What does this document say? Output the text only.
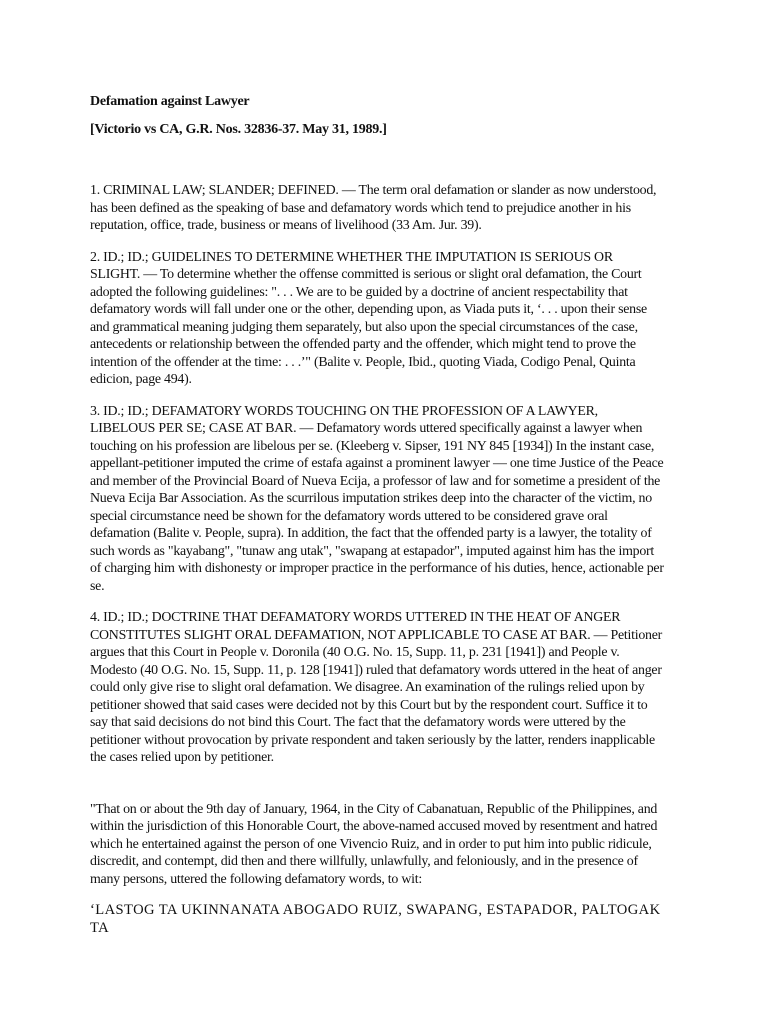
Defamation against Lawyer

[Victorio vs CA, G.R. Nos. 32836-37. May 31, 1989.]

1. CRIMINAL LAW; SLANDER; DEFINED. — The term oral defamation or slander as now understood, has been defined as the speaking of base and defamatory words which tend to prejudice another in his reputation, office, trade, business or means of livelihood (33 Am. Jur. 39).

2. ID.; ID.; GUIDELINES TO DETERMINE WHETHER THE IMPUTATION IS SERIOUS OR SLIGHT. — To determine whether the offense committed is serious or slight oral defamation, the Court adopted the following guidelines: ". . . We are to be guided by a doctrine of ancient respectability that defamatory words will fall under one or the other, depending upon, as Viada puts it, ‘. . . upon their sense and grammatical meaning judging them separately, but also upon the special circumstances of the case, antecedents or relationship between the offended party and the offender, which might tend to prove the intention of the offender at the time: . . .’" (Balite v. People, Ibid., quoting Viada, Codigo Penal, Quinta edicion, page 494).

3. ID.; ID.; DEFAMATORY WORDS TOUCHING ON THE PROFESSION OF A LAWYER, LIBELOUS PER SE; CASE AT BAR. — Defamatory words uttered specifically against a lawyer when touching on his profession are libelous per se. (Kleeberg v. Sipser, 191 NY 845 [1934]) In the instant case, appellant-petitioner imputed the crime of estafa against a prominent lawyer — one time Justice of the Peace and member of the Provincial Board of Nueva Ecija, a professor of law and for sometime a president of the Nueva Ecija Bar Association. As the scurrilous imputation strikes deep into the character of the victim, no special circumstance need be shown for the defamatory words uttered to be considered grave oral defamation (Balite v. People, supra). In addition, the fact that the offended party is a lawyer, the totality of such words as "kayabang", "tunaw ang utak", "swapang at estapador", imputed against him has the import of charging him with dishonesty or improper practice in the performance of his duties, hence, actionable per se.

4. ID.; ID.; DOCTRINE THAT DEFAMATORY WORDS UTTERED IN THE HEAT OF ANGER CONSTITUTES SLIGHT ORAL DEFAMATION, NOT APPLICABLE TO CASE AT BAR. — Petitioner argues that this Court in People v. Doronila (40 O.G. No. 15, Supp. 11, p. 231 [1941]) and People v. Modesto (40 O.G. No. 15, Supp. 11, p. 128 [1941]) ruled that defamatory words uttered in the heat of anger could only give rise to slight oral defamation. We disagree. An examination of the rulings relied upon by petitioner showed that said cases were decided not by this Court but by the respondent court. Suffice it to say that said decisions do not bind this Court. The fact that the defamatory words were uttered by the petitioner without provocation by private respondent and taken seriously by the latter, renders inapplicable the cases relied upon by petitioner.

"That on or about the 9th day of January, 1964, in the City of Cabanatuan, Republic of the Philippines, and within the jurisdiction of this Honorable Court, the above-named accused moved by resentment and hatred which he entertained against the person of one Vivencio Ruiz, and in order to put him into public ridicule, discredit, and contempt, did then and there willfully, unlawfully, and feloniously, and in the presence of many persons, uttered the following defamatory words, to wit:

‘LASTOG TA UKINNANATA ABOGADO RUIZ, SWAPANG, ESTAPADOR, PALTOGAK TA
